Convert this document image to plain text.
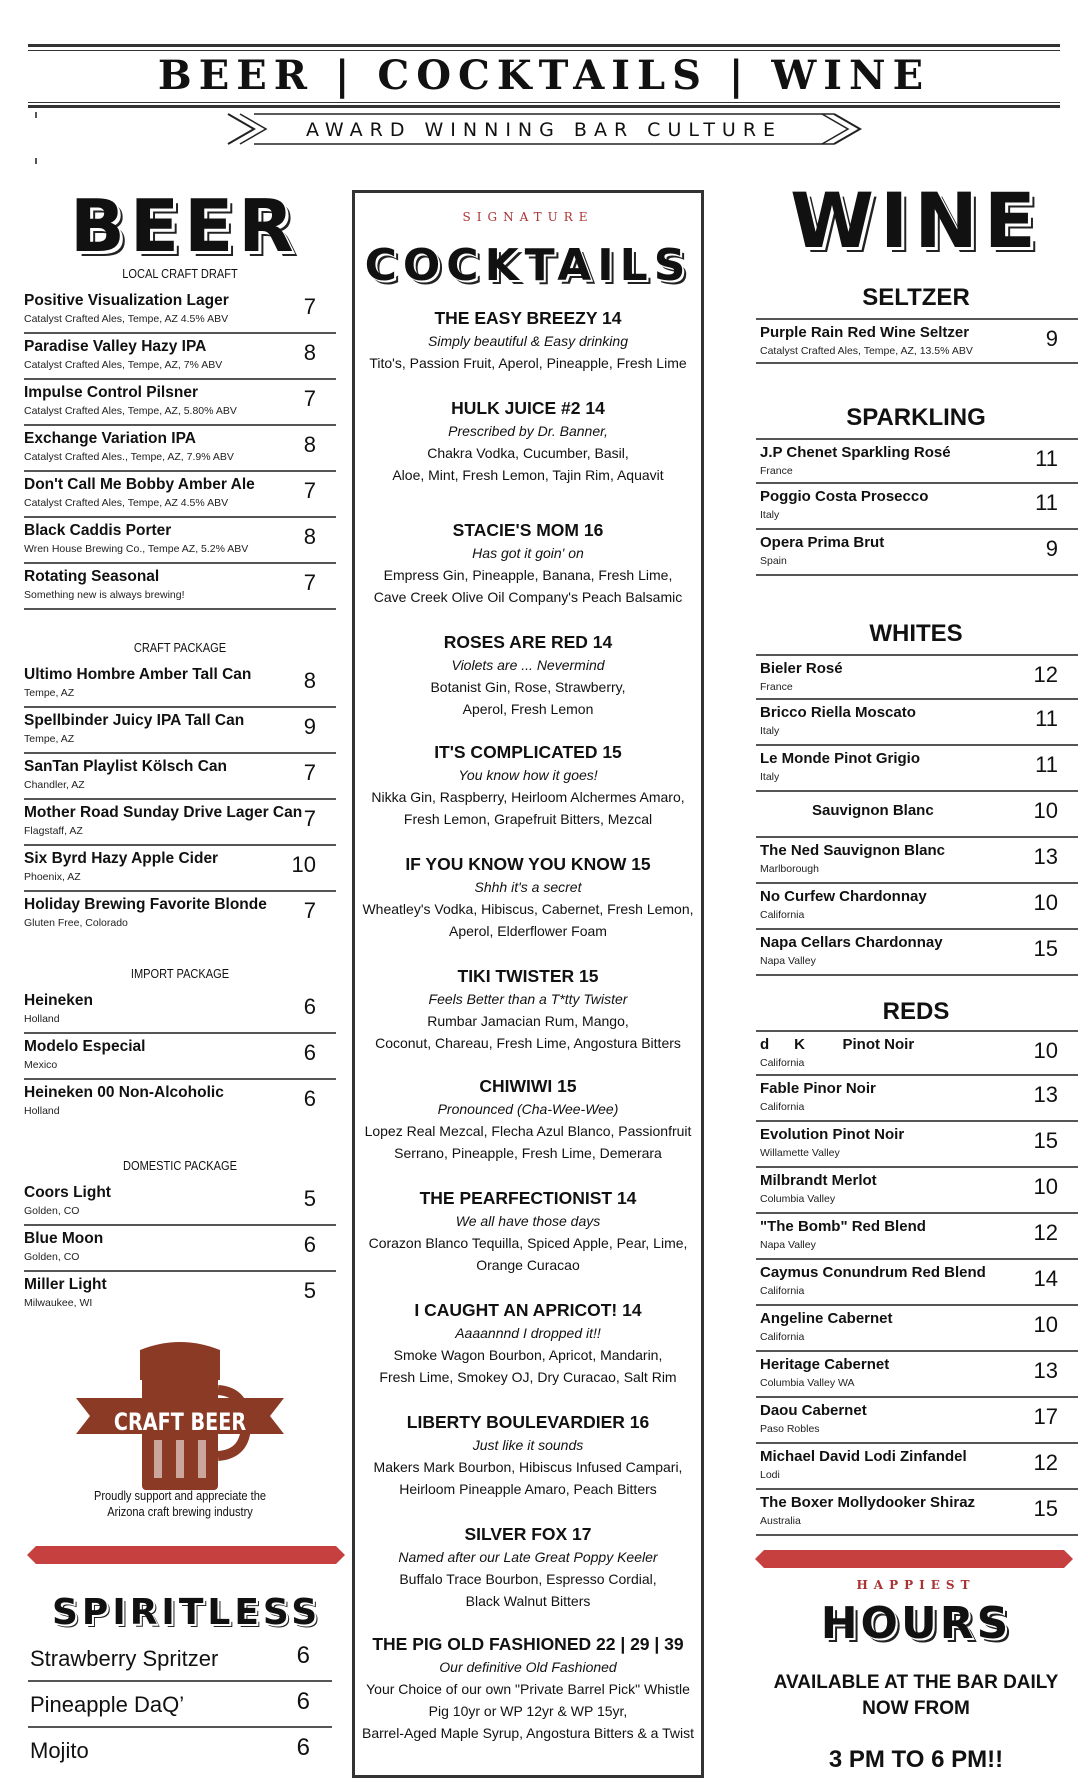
BEER | COCKTAILS | WINE
AWARD WINNING BAR CULTURE
BEER
LOCAL CRAFT DRAFT
Positive Visualization Lager
Catalyst Crafted Ales, Tempe, AZ 4.5% ABV	7
Paradise Valley Hazy IPA
Catalyst Crafted Ales, Tempe, AZ, 7% ABV	8
Impulse Control Pilsner
Catalyst Crafted Ales, Tempe, AZ, 5.80% ABV	7
Exchange Variation IPA
Catalyst Crafted Ales., Tempe, AZ, 7.9% ABV	8
Don't Call Me Bobby Amber Ale
Catalyst Crafted Ales, Tempe, AZ 4.5% ABV	7
Black Caddis Porter
Wren House Brewing Co., Tempe AZ, 5.2% ABV	8
Rotating Seasonal
Something new is always brewing!	7
CRAFT PACKAGE
Ultimo Hombre Amber Tall Can
Tempe, AZ	8
Spellbinder Juicy IPA Tall Can
Tempe, AZ	9
SanTan Playlist Kölsch Can
Chandler, AZ	7
Mother Road Sunday Drive Lager Can
Flagstaff, AZ	7
Six Byrd Hazy Apple Cider
Phoenix, AZ	10
Holiday Brewing Favorite Blonde
Gluten Free, Colorado	7
IMPORT PACKAGE
Heineken
Holland	6
Modelo Especial
Mexico	6
Heineken 00 Non-Alcoholic
Holland	6
DOMESTIC PACKAGE
Coors Light
Golden, CO	5
Blue Moon
Golden, CO	6
Miller Light
Milwaukee, WI	5
CRAFT BEER
Proudly support and appreciate the
Arizona craft brewing industry
SPIRITLESS
Strawberry Spritzer	6
Pineapple DaQ’	6
Mojito	6
SIGNATURE
COCKTAILS
THE EASY BREEZY 14
Simply beautiful & Easy drinking
Tito's, Passion Fruit, Aperol, Pineapple, Fresh Lime
HULK JUICE #2 14
Prescribed by Dr. Banner,
Chakra Vodka, Cucumber, Basil,
Aloe, Mint, Fresh Lemon, Tajin Rim, Aquavit
STACIE'S MOM 16
Has got it goin' on
Empress Gin, Pineapple, Banana, Fresh Lime,
Cave Creek Olive Oil Company's Peach Balsamic
ROSES ARE RED 14
Violets are ... Nevermind
Botanist Gin, Rose, Strawberry,
Aperol, Fresh Lemon
IT'S COMPLICATED 15
You know how it goes!
Nikka Gin, Raspberry, Heirloom Alchermes Amaro,
Fresh Lemon, Grapefruit Bitters, Mezcal
IF YOU KNOW YOU KNOW 15
Shhh it's a secret
Wheatley's Vodka, Hibiscus, Cabernet, Fresh Lemon,
Aperol, Elderflower Foam
TIKI TWISTER 15
Feels Better than a T*tty Twister
Rumbar Jamacian Rum, Mango,
Coconut, Chareau, Fresh Lime, Angostura Bitters
CHIWIWI 15
Pronounced (Cha-Wee-Wee)
Lopez Real Mezcal, Flecha Azul Blanco, Passionfruit
Serrano, Pineapple, Fresh Lime, Demerara
THE PEARFECTIONIST 14
We all have those days
Corazon Blanco Tequilla, Spiced Apple, Pear, Lime,
Orange Curacao
I CAUGHT AN APRICOT! 14
Aaaannnd I dropped it!!
Smoke Wagon Bourbon, Apricot, Mandarin,
Fresh Lime, Smokey OJ, Dry Curacao, Salt Rim
LIBERTY BOULEVARDIER 16
Just like it sounds
Makers Mark Bourbon, Hibiscus Infused Campari,
Heirloom Pineapple Amaro, Peach Bitters
SILVER FOX 17
Named after our Late Great Poppy Keeler
Buffalo Trace Bourbon, Espresso Cordial,
Black Walnut Bitters
THE PIG OLD FASHIONED 22 | 29 | 39
Our definitive Old Fashioned
Your Choice of our own "Private Barrel Pick" Whistle
Pig 10yr or WP 12yr & WP 15yr,
Barrel-Aged Maple Syrup, Angostura Bitters & a Twist
WINE
SELTZER
Purple Rain Red Wine Seltzer
Catalyst Crafted Ales, Tempe, AZ, 13.5% ABV	9
SPARKLING
J.P Chenet Sparkling Rosé
France	11
Poggio Costa Prosecco
Italy	11
Opera Prima Brut
Spain	9
WHITES
Bieler Rosé
France	12
Bricco Riella Moscato
Italy	11
Le Monde Pinot Grigio
Italy	11
Sauvignon Blanc	10
The Ned Sauvignon Blanc
Marlborough	13
No Curfew Chardonnay
California	10
Napa Cellars Chardonnay
Napa Valley	15
REDS
d      K         Pinot Noir
California	10
Fable Pinor Noir
California	13
Evolution Pinot Noir
Willamette Valley	15
Milbrandt Merlot
Columbia Valley	10
"The Bomb" Red Blend
Napa Valley	12
Caymus Conundrum Red Blend
California	14
Angeline Cabernet
California	10
Heritage Cabernet
Columbia Valley WA	13
Daou Cabernet
Paso Robles	17
Michael David Lodi Zinfandel
Lodi	12
The Boxer Mollydooker Shiraz
Australia	15
HAPPIEST
HOURS
AVAILABLE AT THE BAR DAILY
NOW FROM
3 PM TO 6 PM!!
